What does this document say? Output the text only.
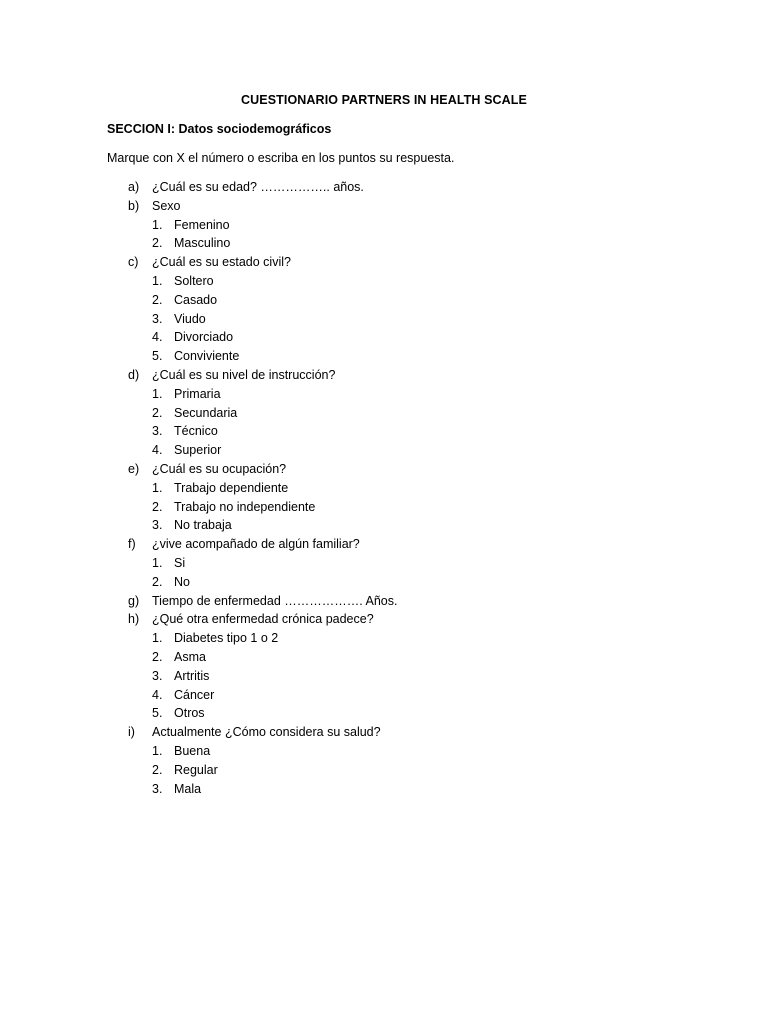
CUESTIONARIO PARTNERS IN HEALTH SCALE
SECCION I: Datos sociodemográficos
Marque con X el número o escriba en los puntos su respuesta.
a) ¿Cuál es su edad? …………….. años.
b) Sexo
1. Femenino
2. Masculino
c) ¿Cuál es su estado civil?
1. Soltero
2. Casado
3. Viudo
4. Divorciado
5. Conviviente
d) ¿Cuál es su nivel de instrucción?
1. Primaria
2. Secundaria
3. Técnico
4. Superior
e) ¿Cuál es su ocupación?
1. Trabajo dependiente
2. Trabajo no independiente
3. No trabaja
f) ¿vive acompañado de algún familiar?
1. Si
2. No
g) Tiempo de enfermedad ………………. Años.
h) ¿Qué otra enfermedad crónica padece?
1. Diabetes tipo 1 o 2
2. Asma
3. Artritis
4. Cáncer
5. Otros
i) Actualmente ¿Cómo considera su salud?
1. Buena
2. Regular
3. Mala
